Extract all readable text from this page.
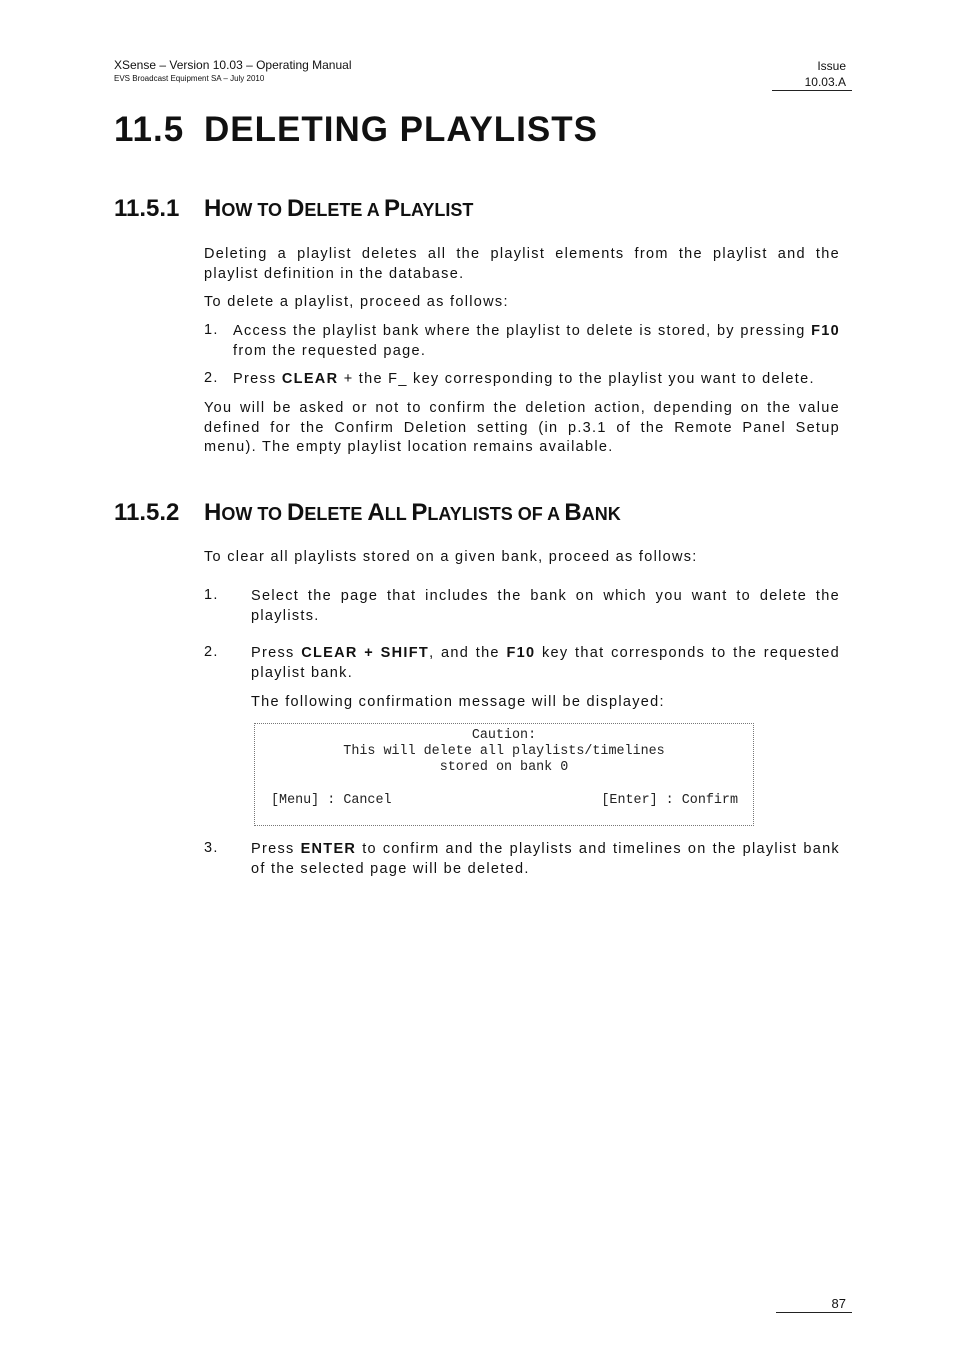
XSense – Version 10.03 – Operating Manual
EVS Broadcast Equipment SA – July 2010
Issue
10.03.A
11.5 DELETING PLAYLISTS
11.5.1 HOW TO DELETE A PLAYLIST

Deleting a playlist deletes all the playlist elements from the playlist and the playlist definition in the database.

To delete a playlist, proceed as follows:

1. Access the playlist bank where the playlist to delete is stored, by pressing F10 from the requested page.

2. Press CLEAR + the F_ key corresponding to the playlist you want to delete.

You will be asked or not to confirm the deletion action, depending on the value defined for the Confirm Deletion setting (in p.3.1 of the Remote Panel Setup menu). The empty playlist location remains available.

11.5.2 HOW TO DELETE ALL PLAYLISTS OF A BANK

To clear all playlists stored on a given bank, proceed as follows:

1. Select the page that includes the bank on which you want to delete the playlists.

2. Press CLEAR + SHIFT, and the F10 key that corresponds to the requested playlist bank.

The following confirmation message will be displayed:

Caution:
This will delete all playlists/timelines
stored on bank 0
[Menu] : Cancel	[Enter] : Confirm
3. Press ENTER to confirm and the playlists and timelines on the playlist bank of the selected page will be deleted.

87
